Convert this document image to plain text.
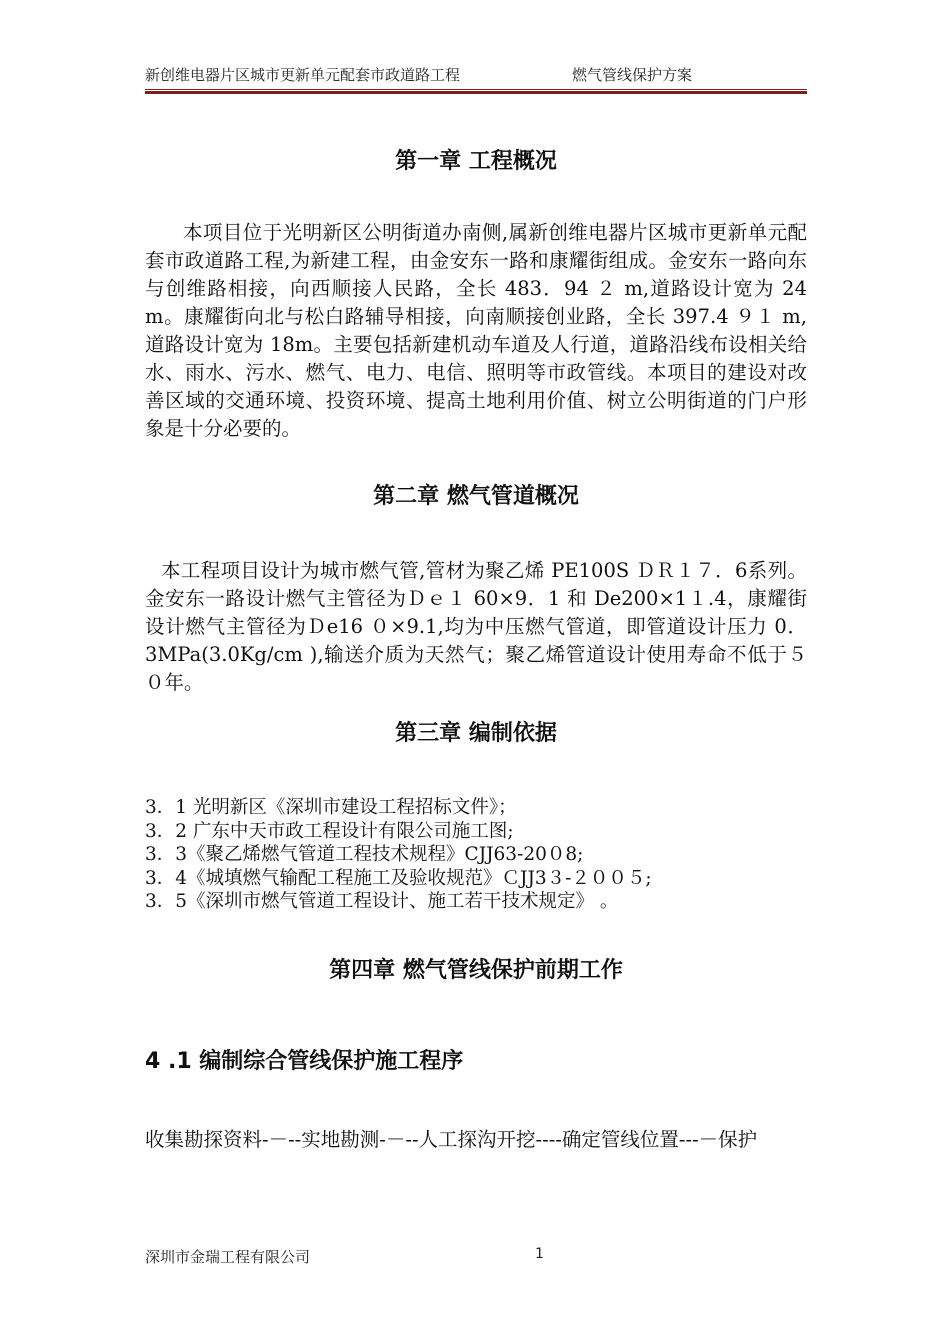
新创维电器片区城市更新单元配套市政道路工程	燃气管线保护方案
第一章 工程概况

本项目位于光明新区公明街道办南侧,属新创维电器片区城市更新单元配套市政道路工程,为新建工程，由金安东一路和康耀街组成。金安东一路向东与创维路相接，向西顺接人民路，全长 483．94 ２ m,道路设计宽为 24 m。康耀街向北与松白路辅导相接，向南顺接创业路，全长 397.4 ９１ m,道路设计宽为 18m。主要包括新建机动车道及人行道，道路沿线布设相关给水、雨水、污水、燃气、电力、电信、照明等市政管线。本项目的建设对改善区域的交通环境、投资环境、提高土地利用价值、树立公明街道的门户形象是十分必要的。

第二章 燃气管道概况

本工程项目设计为城市燃气管,管材为聚乙烯 PE100S ＤＲ１７．6系列。金安东一路设计燃气主管径为Ｄｅ１ 60×9．1 和 De200×1１.4，康耀街设计燃气主管径为Ｄe16 ０×9.1,均为中压燃气管道，即管道设计压力 0．3MPa(3.0Kg/cm ),输送介质为天然气；聚乙烯管道设计使用寿命不低于５０年。

第三章 编制依据
3．1 光明新区《深圳市建设工程招标文件》；
3．2 广东中天市政工程设计有限公司施工图;
3．3《聚乙烯燃气管道工程技术规程》CJJ63-20０8;
3．4《城填燃气输配工程施工及验收规范》ＣJJ3３-２００５;
3．5《深圳市燃气管道工程设计、施工若干技术规定》 。
第四章 燃气管线保护前期工作
4 .1 编制综合管线保护施工程序

收集勘探资料-－--实地勘测-－--人工探沟开挖----确定管线位置---－保护

深圳市金瑞工程有限公司	1
